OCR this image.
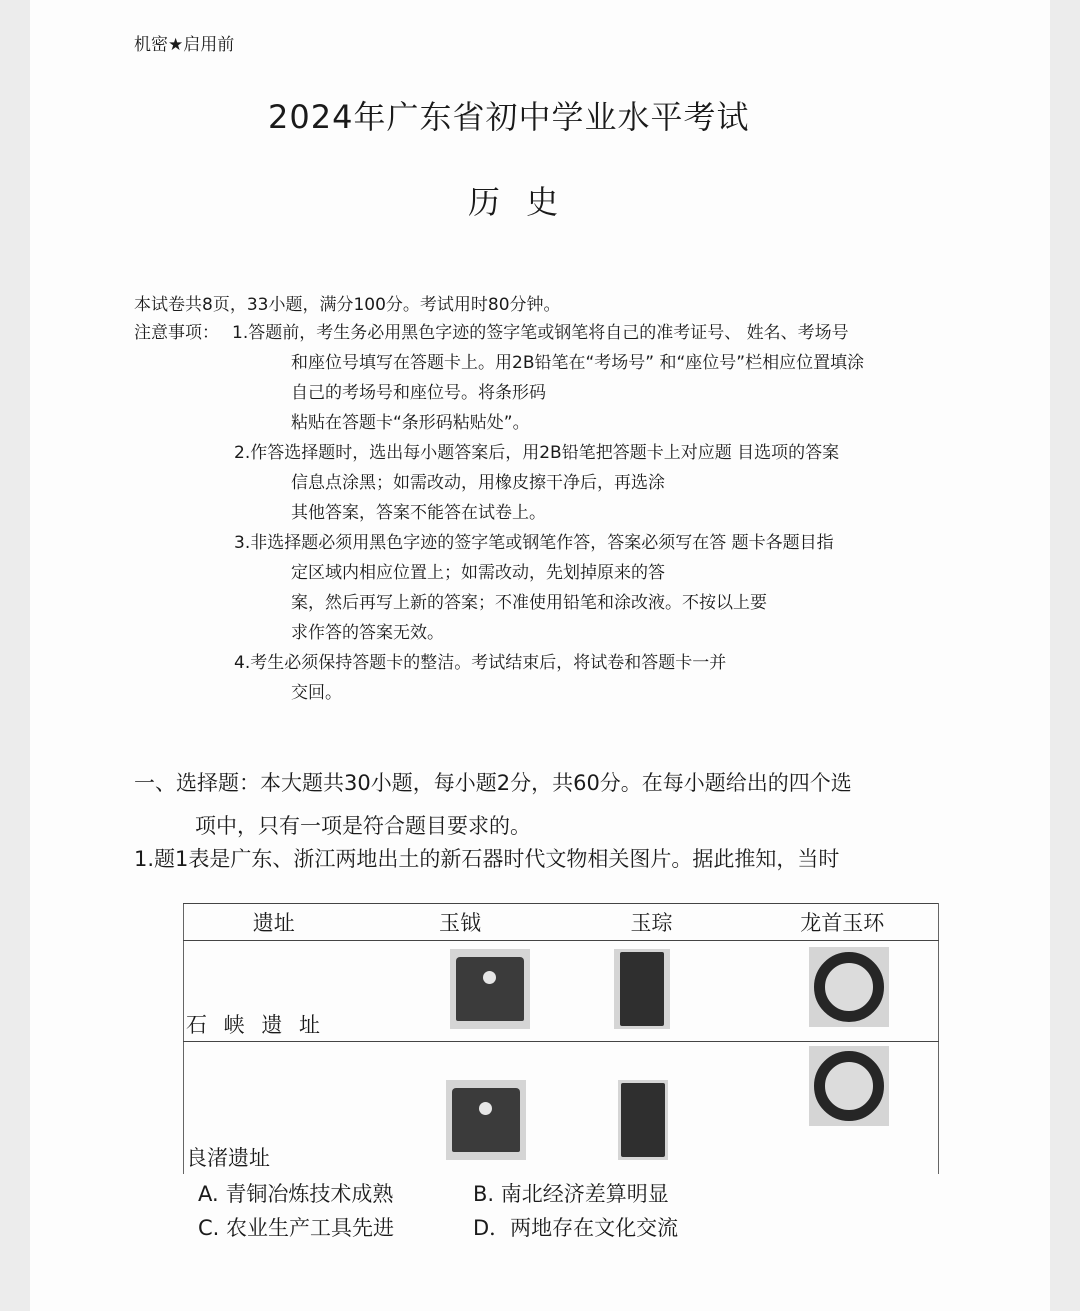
机密★启用前
2024年广东省初中学业水平考试
历 史
本试卷共8页，33小题，满分100分。考试用时80分钟。
注意事项： 1.答题前，考生务必用黑色字迹的签字笔或钢笔将自己的准考证号、 姓名、考场号
和座位号填写在答题卡上。用2B铅笔在“考场号” 和“座位号”栏相应位置填涂
自己的考场号和座位号。将条形码
粘贴在答题卡“条形码粘贴处”。
2.作答选择题时，选出每小题答案后，用2B铅笔把答题卡上对应题 目选项的答案
信息点涂黑；如需改动，用橡皮擦干净后，再选涂
其他答案，答案不能答在试卷上。
3.非选择题必须用黑色字迹的签字笔或钢笔作答，答案必须写在答 题卡各题目指
定区域内相应位置上；如需改动，先划掉原来的答
案，然后再写上新的答案；不准使用铅笔和涂改液。不按以上要
求作答的答案无效。
4.考生必须保持答题卡的整洁。考试结束后，将试卷和答题卡一并
交回。
一、选择题：本大题共30小题，每小题2分，共60分。在每小题给出的四个选
项中，只有一项是符合题目要求的。
1.题1表是广东、浙江两地出土的新石器时代文物相关图片。据此推知，当时
遗址	玉钺	玉琮	龙首玉环

石 峡 遗 址			

良渚遗址			

A. 青铜冶炼技术成熟	B. 南北经济差算明显
C. 农业生产工具先进	D．两地存在文化交流
